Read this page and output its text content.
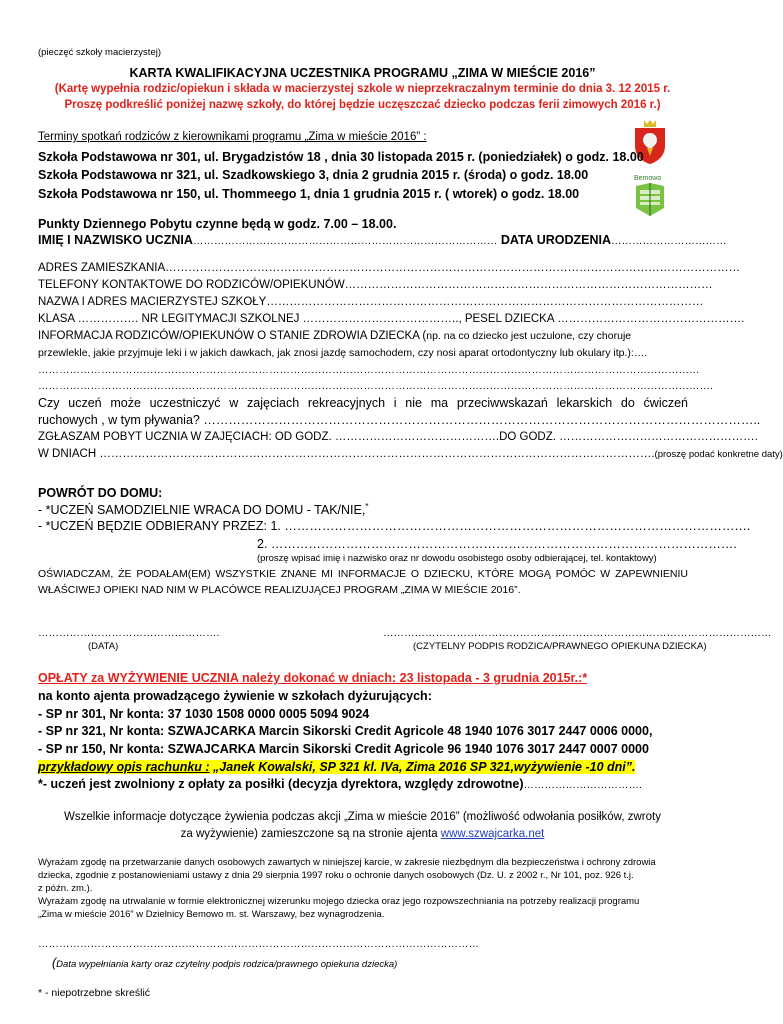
(pieczęć szkoły macierzystej)
KARTA KWALIFIKACYJNA UCZESTNIKA PROGRAMU „ZIMA W MIEŚCIE 2016”
(Kartę wypełnia rodzic/opiekun i składa w macierzystej szkole w nieprzekraczalnym terminie do dnia 3. 12 2015 r.
Proszę podkreślić poniżej nazwę szkoły, do której będzie uczęszczać dziecko podczas ferii zimowych 2016 r.)
Bemowo
Terminy spotkań rodziców z kierownikami programu „Zima w mieście 2016” :
Szkoła Podstawowa nr 301, ul. Brygadzistów 18 , dnia 30 listopada 2015 r. (poniedziałek) o godz. 18.00
Szkoła Podstawowa nr 321, ul. Szadkowskiego 3, dnia 2 grudnia 2015 r. (środa) o godz. 18.00
Szkoła Podstawowa nr 150, ul. Thommeego 1, dnia 1 grudnia 2015 r. ( wtorek) o godz. 18.00
Punkty Dziennego Pobytu czynne będą w godz. 7.00 – 18.00.
IMIĘ I NAZWISKO UCZNIA…………………………………………………………………………… DATA URODZENIA……………………………
ADRES ZAMIESZKANIA……………………………………………………………………………………………………………………………………
TELEFONY KONTAKTOWE DO RODZICÓW/OPIEKUNÓW……………………………………………………………………………………
NAZWA I ADRES MACIERZYSTEJ SZKOŁY……………………………………………………………………………………………………
KLASA ……………. NR LEGITYMACJI SZKOLNEJ ………………………………….., PESEL DZIECKA ………………………………………….
INFORMACJA RODZICÓW/OPIEKUNÓW O STANIE ZDROWIA DZIECKA (np. na co dziecko jest uczulone, czy choruje
przewlekle, jakie przyjmuje leki i w jakich dawkach, jak znosi jazdę samochodem, czy nosi aparat ortodontyczny lub okulary itp.):….
………………………………………………………………………………………………………………………………………………………………………
………………………………………………………………………………………………………………………………………………………………………….
Czy uczeń może uczestniczyć w zajęciach rekreacyjnych i nie ma przeciwwskazań lekarskich do ćwiczeń
ruchowych , w tym pływania? ……………………………………………………………………………………………………………………..
ZGŁASZAM POBYT UCZNIA W ZAJĘCIACH: OD GODZ. …………………………………….DO GODZ. …………………………………………….
W DNIACH ……………………………………………………………………………………………………………………………….(proszę podać konkretne daty)
POWRÓT DO DOMU:
- *UCZEŃ SAMODZIELNIE WRACA DO DOMU - TAK/NIE,*
- *UCZEŃ BĘDZIE ODBIERANY PRZEZ: 1. ………………………………………………………………………………………………….
2. ………………………………………………………………………………………………….
(proszę wpisać imię i nazwisko oraz nr dowodu osobistego osoby odbierającej, tel. kontaktowy)
OŚWIADCZAM, ŻE PODAŁAM(EM) WSZYSTKIE ZNANE MI INFORMACJE O DZIECKU, KTÓRE MOGĄ POMÓC W ZAPEWNIENIU
WŁAŚCIWEJ OPIEKI NAD NIM W PLACÓWCE REALIZUJĄCEJ PROGRAM „ZIMA W MIEŚCIE 2016”.
…………………………………………….
(DATA)
…………………………………………………………………………………………………
(CZYTELNY PODPIS RODZICA/PRAWNEGO OPIEKUNA DZIECKA)
OPŁATY za WYŻYWIENIE UCZNIA należy dokonać w dniach: 23 listopada - 3 grudnia 2015r.:*
na konto ajenta prowadzącego żywienie w szkołach dyżurujących:
- SP nr 301, Nr konta: 37 1030 1508 0000 0005 5094 9024
- SP nr 321, Nr konta: SZWAJCARKA Marcin Sikorski Credit Agricole 48 1940 1076 3017 2447 0006 0000,
- SP nr 150, Nr konta: SZWAJCARKA Marcin Sikorski Credit Agricole 96 1940 1076 3017 2447 0007 0000
przykładowy opis rachunku : „Janek Kowalski, SP 321 kl. IVa, Zima 2016 SP 321,wyżywienie -10 dni”.
*- uczeń jest zwolniony z opłaty za posiłki (decyzja dyrektora, względy zdrowotne)…………………………….
Wszelkie informacje dotyczące żywienia podczas akcji „Zima w mieście 2016” (możliwość odwołania posiłków, zwroty
za wyżywienie) zamieszczone są na stronie ajenta www.szwajcarka.net
Wyrażam zgodę na przetwarzanie danych osobowych zawartych w niniejszej karcie, w zakresie niezbędnym dla bezpieczeństwa i ochrony zdrowia
dziecka, zgodnie z postanowieniami ustawy z dnia 29 sierpnia 1997 roku o ochronie danych osobowych (Dz. U. z 2002 r., Nr 101, poz. 926 t.j.
z późn. zm.).
Wyrażam zgodę na utrwalanie w formie elektronicznej wizerunku mojego dziecka oraz jego rozpowszechniania na potrzeby realizacji programu
„Zima w mieście 2016” w Dzielnicy Bemowo m. st. Warszawy, bez wynagrodzenia.
………………………………………………………………………………………………………………
(Data wypełniania karty oraz czytelny podpis rodzica/prawnego opiekuna dziecka)
* - niepotrzebne skreślić
